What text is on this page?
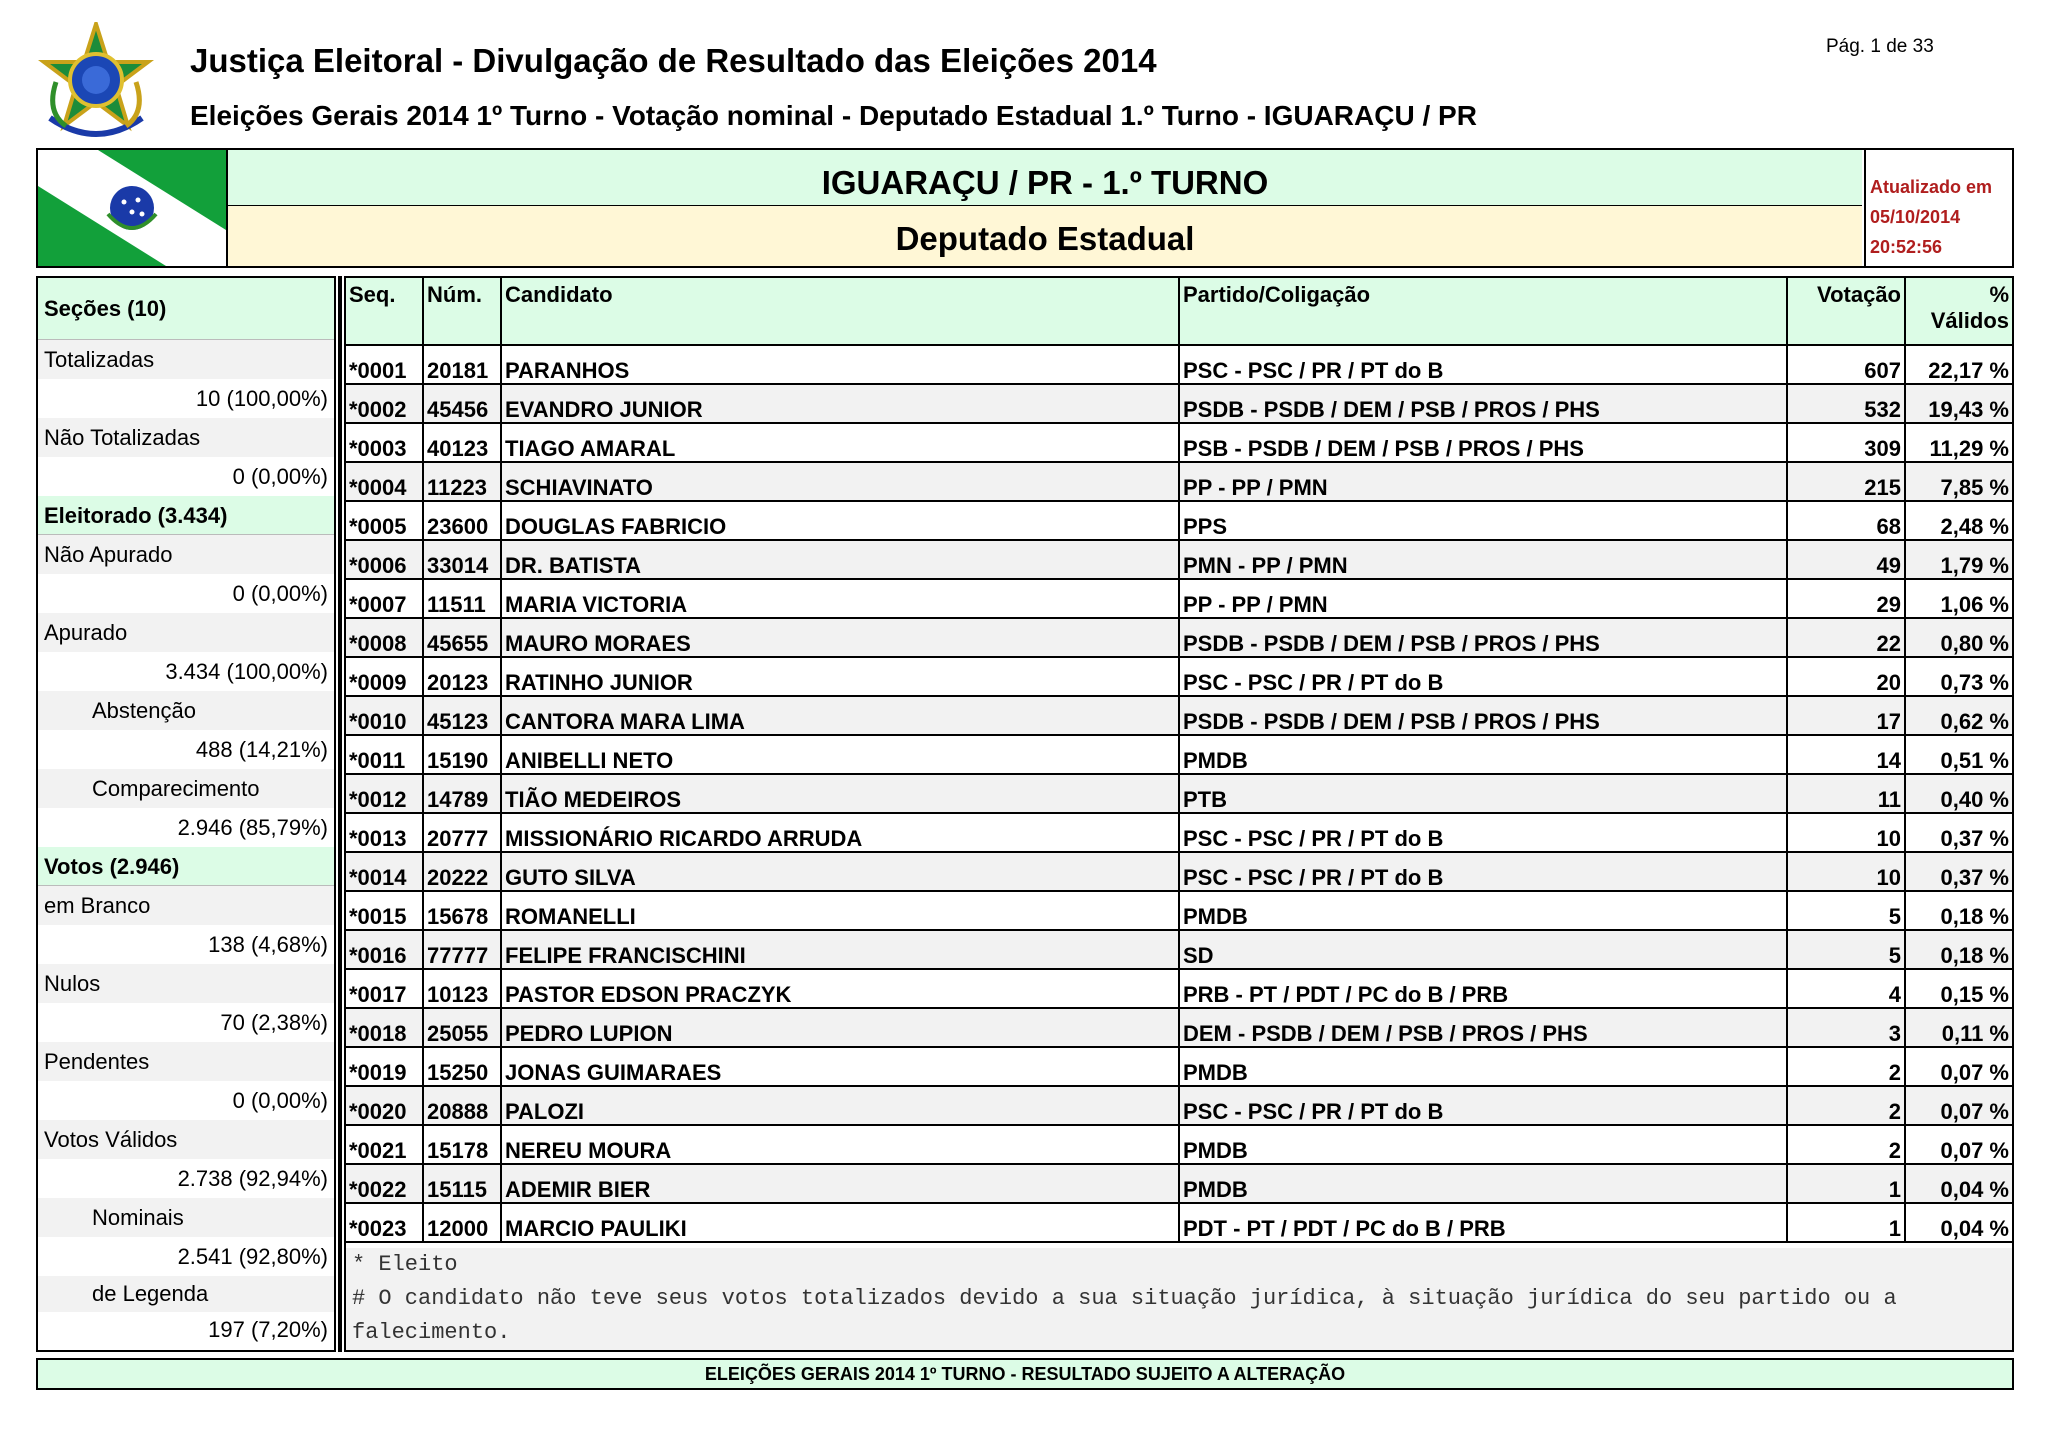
Justiça Eleitoral - Divulgação de Resultado das Eleições 2014
Eleições Gerais 2014 1º Turno - Votação nominal - Deputado Estadual 1.º Turno - IGUARAÇU / PR
Pág. 1 de 33
IGUARAÇU / PR - 1.º TURNO
Deputado Estadual
Atualizado em
05/10/2014
20:52:56
Seções (10)
Totalizadas
10 (100,00%)
Não Totalizadas
0 (0,00%)
Eleitorado (3.434)
Não Apurado
0 (0,00%)
Apurado
3.434 (100,00%)
Abstenção
488 (14,21%)
Comparecimento
2.946 (85,79%)
Votos (2.946)
em Branco
138 (4,68%)
Nulos
70 (2,38%)
Pendentes
0 (0,00%)
Votos Válidos
2.738 (92,94%)
Nominais
2.541 (92,80%)
de Legenda
197 (7,20%)
Seq.	Núm.	Candidato	Partido/Coligação	Votação	%
Válidos

*0001	20181	PARANHOS	PSC - PSC / PR / PT do B	607	22,17 %
*0002	45456	EVANDRO JUNIOR	PSDB - PSDB / DEM / PSB / PROS / PHS	532	19,43 %
*0003	40123	TIAGO AMARAL	PSB - PSDB / DEM / PSB / PROS / PHS	309	11,29 %
*0004	11223	SCHIAVINATO	PP - PP / PMN	215	7,85 %
*0005	23600	DOUGLAS FABRICIO	PPS	68	2,48 %
*0006	33014	DR. BATISTA	PMN - PP / PMN	49	1,79 %
*0007	11511	MARIA VICTORIA	PP - PP / PMN	29	1,06 %
*0008	45655	MAURO MORAES	PSDB - PSDB / DEM / PSB / PROS / PHS	22	0,80 %
*0009	20123	RATINHO JUNIOR	PSC - PSC / PR / PT do B	20	0,73 %
*0010	45123	CANTORA MARA LIMA	PSDB - PSDB / DEM / PSB / PROS / PHS	17	0,62 %
*0011	15190	ANIBELLI NETO	PMDB	14	0,51 %
*0012	14789	TIÃO MEDEIROS	PTB	11	0,40 %
*0013	20777	MISSIONÁRIO RICARDO ARRUDA	PSC - PSC / PR / PT do B	10	0,37 %
*0014	20222	GUTO SILVA	PSC - PSC / PR / PT do B	10	0,37 %
*0015	15678	ROMANELLI	PMDB	5	0,18 %
*0016	77777	FELIPE FRANCISCHINI	SD	5	0,18 %
*0017	10123	PASTOR EDSON PRACZYK	PRB - PT / PDT / PC do B / PRB	4	0,15 %
*0018	25055	PEDRO LUPION	DEM - PSDB / DEM / PSB / PROS / PHS	3	0,11 %
*0019	15250	JONAS GUIMARAES	PMDB	2	0,07 %
*0020	20888	PALOZI	PSC - PSC / PR / PT do B	2	0,07 %
*0021	15178	NEREU MOURA	PMDB	2	0,07 %
*0022	15115	ADEMIR BIER	PMDB	1	0,04 %
*0023	12000	MARCIO PAULIKI	PDT - PT / PDT / PC do B / PRB	1	0,04 %
* Eleito
# O candidato não teve seus votos totalizados devido a sua situação jurídica, à situação jurídica do seu partido ou a falecimento.
ELEIÇÕES GERAIS 2014 1º TURNO - RESULTADO SUJEITO A ALTERAÇÃO
